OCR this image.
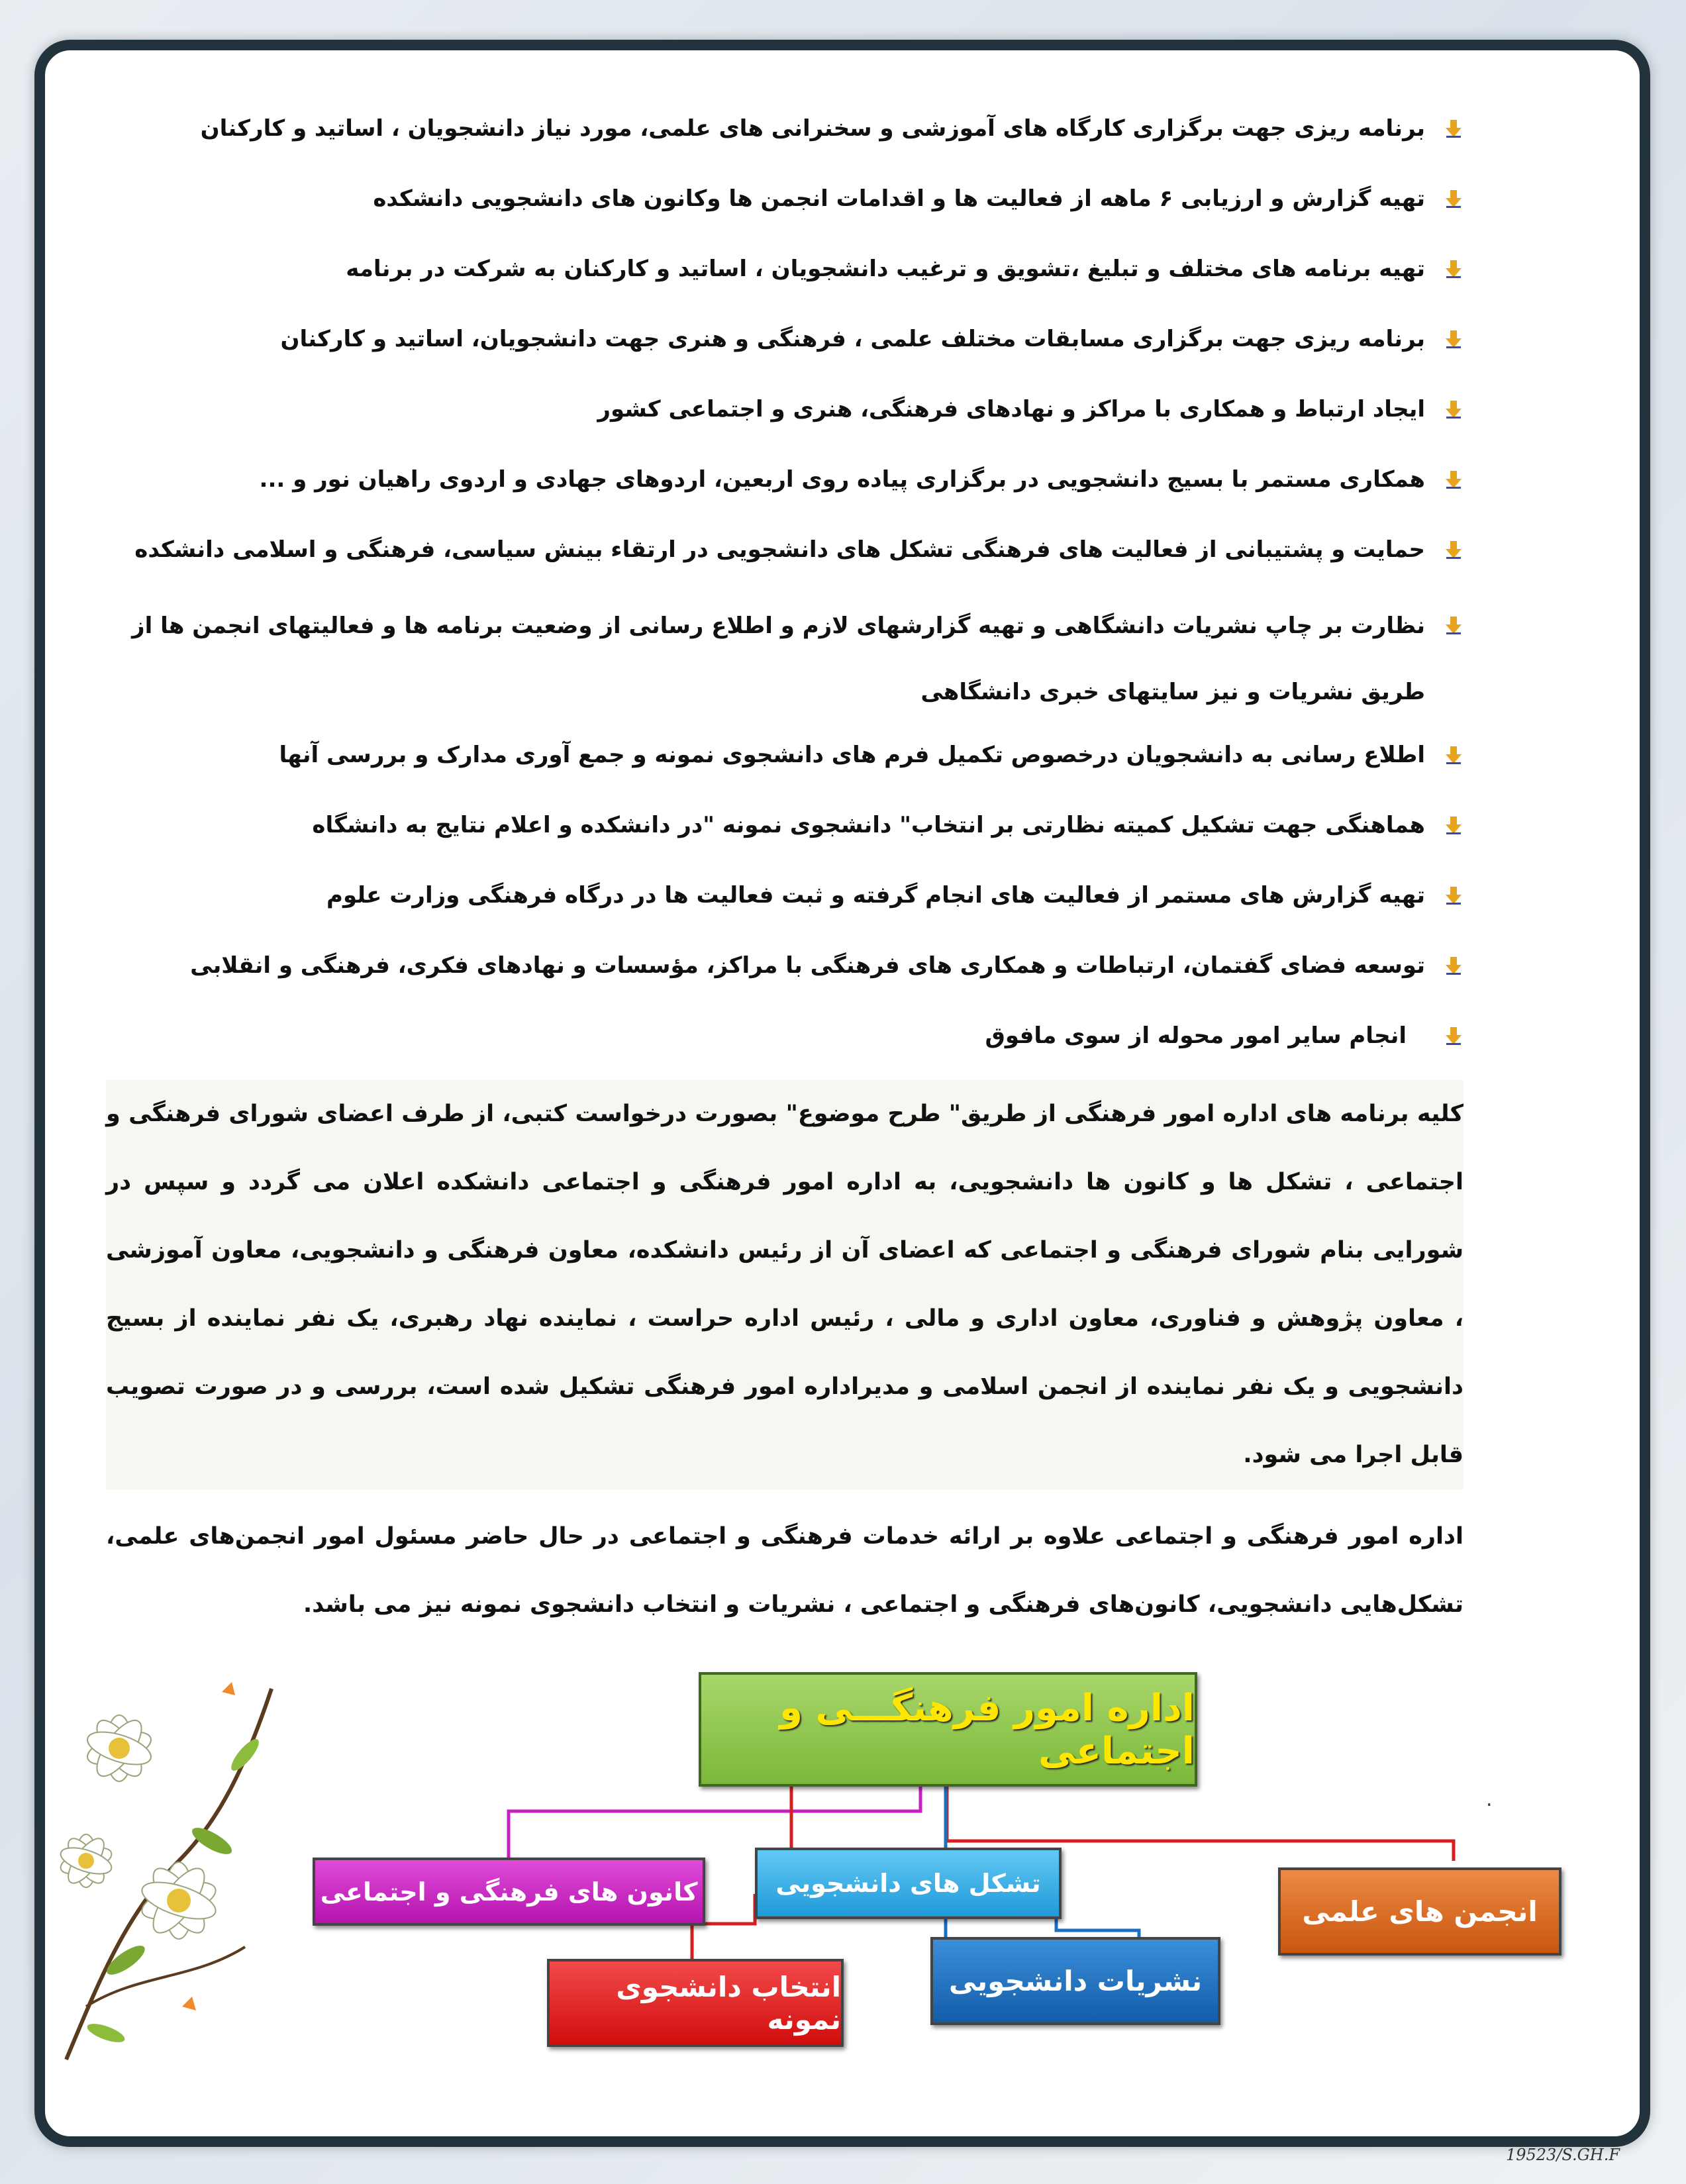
برنامه ریزی جهت برگزاری کارگاه های آموزشی و سخنرانی های علمی، مورد نیاز دانشجویان ، اساتید و کارکنان
تهیه گزارش و ارزیابی ۶ ماهه از فعالیت ها و اقدامات انجمن ها وکانون های دانشجویی دانشکده
تهیه برنامه های مختلف و تبلیغ ،تشویق و ترغیب دانشجویان ، اساتید و کارکنان به شرکت در برنامه
برنامه ریزی جهت برگزاری مسابقات مختلف علمی ، فرهنگی و هنری جهت دانشجویان، اساتید و کارکنان
ایجاد ارتباط و همکاری با مراکز و نهادهای فرهنگی، هنری و اجتماعی کشور
همکاری مستمر با بسیج دانشجویی در برگزاری پیاده روی اربعین، اردوهای جهادی و اردوی راهیان نور و ...
حمایت و پشتیبانی از فعالیت های فرهنگی تشکل های دانشجویی در ارتقاء بینش سیاسی، فرهنگی و اسلامی دانشکده
نظارت بر چاپ نشریات دانشگاهی و تهیه گزارشهای لازم و اطلاع رسانی از وضعیت برنامه ها و فعالیتهای انجمن ها از طریق نشریات و نیز سایتهای خبری دانشگاهی
اطلاع رسانی به دانشجویان درخصوص تکمیل فرم های دانشجوی نمونه و جمع آوری مدارک و بررسی آنها
هماهنگی جهت تشکیل کمیته نظارتی بر انتخاب" دانشجوی نمونه "در دانشکده و اعلام نتایج به دانشگاه
تهیه گزارش های مستمر از فعالیت های انجام گرفته و ثبت فعالیت ها در درگاه فرهنگی وزارت علوم
توسعه فضای گفتمان، ارتباطات و همکاری های فرهنگی با مراکز، مؤسسات و نهادهای فکری، فرهنگی و انقلابی
انجام سایر امور محوله از سوی مافوق

کلیه برنامه های اداره امور فرهنگی از طریق" طرح موضوع" بصورت درخواست کتبی، از طرف اعضای شورای فرهنگی و اجتماعی ، تشکل ها و کانون ها دانشجویی، به اداره امور فرهنگی و اجتماعی دانشکده اعلان می گردد و سپس در شورایی بنام شورای فرهنگی و اجتماعی که اعضای آن از رئیس دانشکده، معاون فرهنگی و دانشجویی، معاون آموزشی ، معاون پژوهش و فناوری، معاون اداری و مالی ، رئیس اداره حراست ، نماینده نهاد رهبری، یک نفر نماینده از بسیج دانشجویی و یک نفر نماینده از انجمن اسلامی و مدیراداره امور فرهنگی تشکیل شده است، بررسی و در صورت تصویب قابل اجرا می شود.

اداره امور فرهنگی و اجتماعی علاوه بر ارائه خدمات فرهنگی و اجتماعی در حال حاضر مسئول امور انجمن‌های علمی، تشکل‌هایی دانشجویی، کانون‌های فرهنگی و اجتماعی ، نشریات و انتخاب دانشجوی نمونه نیز می باشد.

اداره امور فرهنگـــی و اجتماعی
کانون های فرهنگی و اجتماعی	تشکل های دانشجویی
انجمن های علمی
نشریات دانشجویی
انتخاب دانشجوی نمونه
.
19523/S.GH.F
